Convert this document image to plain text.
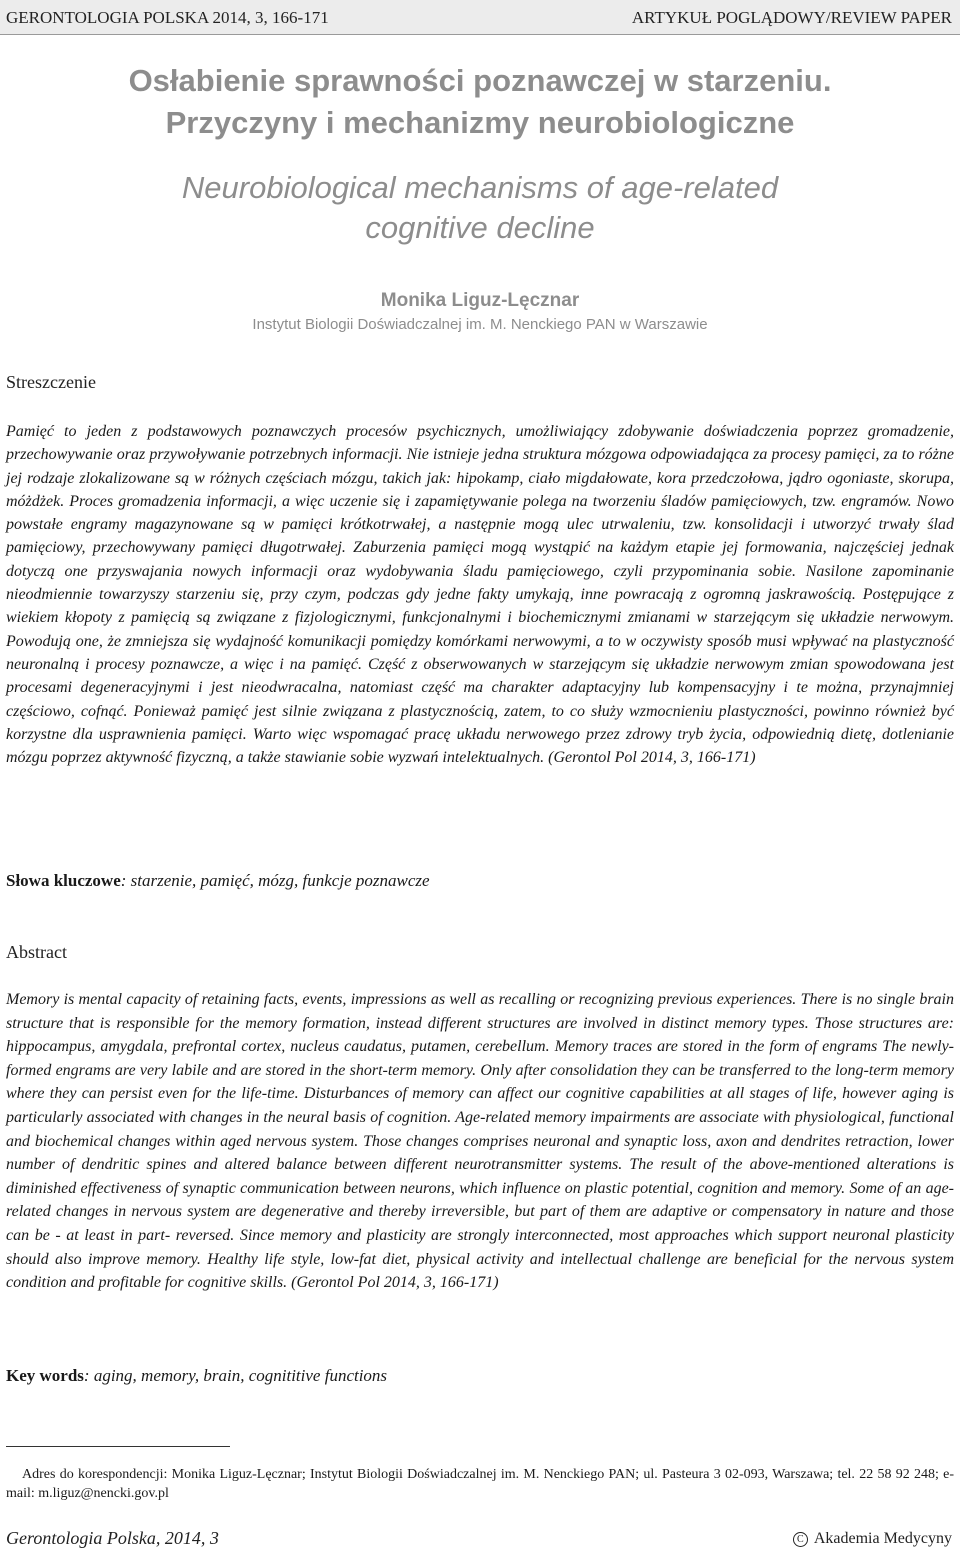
GERONTOLOGIA POLSKA 2014, 3, 166-171	ARTYKUŁ POGLĄDOWY/REVIEW PAPER
Osłabienie sprawności poznawczej w starzeniu.
Przyczyny i mechanizmy neurobiologiczne
Neurobiological mechanisms of age-related
cognitive decline
Monika Liguz-Lęcznar
Instytut Biologii Doświadczalnej im. M. Nenckiego PAN w Warszawie
Streszczenie
Pamięć to jeden z podstawowych poznawczych procesów psychicznych, umożliwiający zdobywanie doświadczenia poprzez gromadzenie, przechowywanie oraz przywoływanie potrzebnych informacji. Nie istnieje jedna struktura mózgowa odpowiadająca za procesy pamięci, za to różne jej rodzaje zlokalizowane są w różnych częściach mózgu, takich jak: hipokamp, ciało migdałowate, kora przedczołowa, jądro ogoniaste, skorupa, móżdżek. Proces gromadzenia informacji, a więc uczenie się i zapamiętywanie polega na tworzeniu śladów pamięciowych, tzw. engramów. Nowo powstałe engramy magazynowane są w pamięci krótkotrwałej, a następnie mogą ulec utrwaleniu, tzw. konsolidacji i utworzyć trwały ślad pamięciowy, przechowywany pamięci długotrwałej. Zaburzenia pamięci mogą wystąpić na każdym etapie jej formowania, najczęściej jednak dotyczą one przyswajania nowych informacji oraz wydobywania śladu pamięciowego, czyli przypominania sobie. Nasilone zapominanie nieodmiennie towarzyszy starzeniu się, przy czym, podczas gdy jedne fakty umykają, inne powracają z ogromną jaskrawością. Postępujące z wiekiem kłopoty z pamięcią są związane z fizjologicznymi, funkcjonalnymi i biochemicznymi zmianami w starzejącym się układzie nerwowym. Powodują one, że zmniejsza się wydajność komunikacji pomiędzy komórkami nerwowymi, a to w oczywisty sposób musi wpływać na plastyczność neuronalną i procesy poznawcze, a więc i na pamięć. Część z obserwowanych w starzejącym się układzie nerwowym zmian spowodowana jest procesami degeneracyjnymi i jest nieodwracalna, natomiast część ma charakter adaptacyjny lub kompensacyjny i te można, przynajmniej częściowo, cofnąć. Ponieważ pamięć jest silnie związana z plastycznością, zatem, to co służy wzmocnieniu plastyczności, powinno również być korzystne dla usprawnienia pamięci. Warto więc wspomagać pracę układu nerwowego przez zdrowy tryb życia, odpowiednią dietę, dotlenianie mózgu poprzez aktywność fizyczną, a także stawianie sobie wyzwań intelektualnych. (Gerontol Pol 2014, 3, 166-171)
Słowa kluczowe: starzenie, pamięć, mózg, funkcje poznawcze
Abstract
Memory is mental capacity of retaining facts, events, impressions as well as recalling or recognizing previous experiences. There is no single brain structure that is responsible for the memory formation, instead different structures are involved in distinct memory types. Those structures are: hippocampus, amygdala, prefrontal cortex, nucleus caudatus, putamen, cerebellum. Memory traces are stored in the form of engrams The newly-formed engrams are very labile and are stored in the short-term memory. Only after consolidation they can be transferred to the long-term memory where they can persist even for the life-time. Disturbances of memory can affect our cognitive capabilities at all stages of life, however aging is particularly associated with changes in the neural basis of cognition. Age-related memory impairments are associate with physiological, functional and biochemical changes within aged nervous system. Those changes comprises neuronal and synaptic loss, axon and dendrites retraction, lower number of dendritic spines and altered balance between different neurotransmitter systems. The result of the above-mentioned alterations is diminished effectiveness of synaptic communication between neurons, which influence on plastic potential, cognition and memory. Some of an age-related changes in nervous system are degenerative and thereby irreversible, but part of them are adaptive or compensatory in nature and those can be - at least in part- reversed. Since memory and plasticity are strongly interconnected, most approaches which support neuronal plasticity should also improve memory. Healthy life style, low-fat diet, physical activity and intellectual challenge are beneficial for the nervous system condition and profitable for cognitive skills. (Gerontol Pol 2014, 3, 166-171)
Key words: aging, memory, brain, cognititive functions
Adres do korespondencji: Monika Liguz-Lęcznar; Instytut Biologii Doświadczalnej im. M. Nenckiego PAN; ul. Pasteura 3 02-093, Warszawa; tel. 22 58 92 248; e-mail: m.liguz@nencki.gov.pl
Gerontologia Polska, 2014, 3	C Akademia Medycyny
